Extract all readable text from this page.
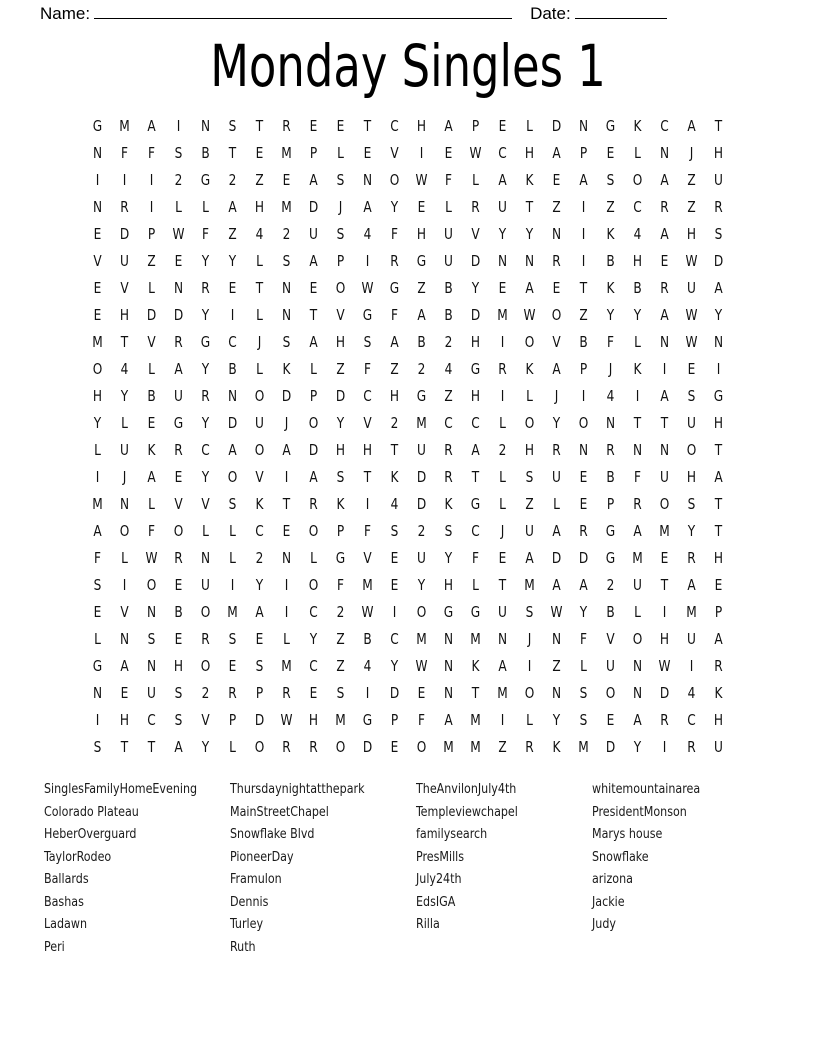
Name:	Date:
Monday Singles 1
G	M	A	I	N	S	T	R	E	E	T	C	H	A	P	E	L	D	N	G	K	C	A	T
N	F	F	S	B	T	E	M	P	L	E	V	I	E	W	C	H	A	P	E	L	N	J	H
I	I	I	2	G	2	Z	E	A	S	N	O	W	F	L	A	K	E	A	S	O	A	Z	U
N	R	I	L	L	A	H	M	D	J	A	Y	E	L	R	U	T	Z	I	Z	C	R	Z	R
E	D	P	W	F	Z	4	2	U	S	4	F	H	U	V	Y	Y	N	I	K	4	A	H	S
V	U	Z	E	Y	Y	L	S	A	P	I	R	G	U	D	N	N	R	I	B	H	E	W	D
E	V	L	N	R	E	T	N	E	O	W	G	Z	B	Y	E	A	E	T	K	B	R	U	A
E	H	D	D	Y	I	L	N	T	V	G	F	A	B	D	M	W	O	Z	Y	Y	A	W	Y
M	T	V	R	G	C	J	S	A	H	S	A	B	2	H	I	O	V	B	F	L	N	W	N
O	4	L	A	Y	B	L	K	L	Z	F	Z	2	4	G	R	K	A	P	J	K	I	E	I
H	Y	B	U	R	N	O	D	P	D	C	H	G	Z	H	I	L	J	I	4	I	A	S	G
Y	L	E	G	Y	D	U	J	O	Y	V	2	M	C	C	L	O	Y	O	N	T	T	U	H
L	U	K	R	C	A	O	A	D	H	H	T	U	R	A	2	H	R	N	R	N	N	O	T
I	J	A	E	Y	O	V	I	A	S	T	K	D	R	T	L	S	U	E	B	F	U	H	A
M	N	L	V	V	S	K	T	R	K	I	4	D	K	G	L	Z	L	E	P	R	O	S	T
A	O	F	O	L	L	C	E	O	P	F	S	2	S	C	J	U	A	R	G	A	M	Y	T
F	L	W	R	N	L	2	N	L	G	V	E	U	Y	F	E	A	D	D	G	M	E	R	H
S	I	O	E	U	I	Y	I	O	F	M	E	Y	H	L	T	M	A	A	2	U	T	A	E
E	V	N	B	O	M	A	I	C	2	W	I	O	G	G	U	S	W	Y	B	L	I	M	P
L	N	S	E	R	S	E	L	Y	Z	B	C	M	N	M	N	J	N	F	V	O	H	U	A
G	A	N	H	O	E	S	M	C	Z	4	Y	W	N	K	A	I	Z	L	U	N	W	I	R
N	E	U	S	2	R	P	R	E	S	I	D	E	N	T	M	O	N	S	O	N	D	4	K
I	H	C	S	V	P	D	W	H	M	G	P	F	A	M	I	L	Y	S	E	A	R	C	H
S	T	T	A	Y	L	O	R	R	O	D	E	O	M	M	Z	R	K	M	D	Y	I	R	U
SinglesFamilyHomeEvening
Colorado Plateau
HeberOverguard
TaylorRodeo
Ballards
Bashas
Ladawn
Peri
Thursdaynightatthepark
MainStreetChapel
Snowflake Blvd
PioneerDay
Framulon
Dennis
Turley
Ruth
TheAnvilonJuly4th
Templeviewchapel
familysearch
PresMills
July24th
EdsIGA
Rilla
whitemountainarea
PresidentMonson
Marys house
Snowflake
arizona
Jackie
Judy
